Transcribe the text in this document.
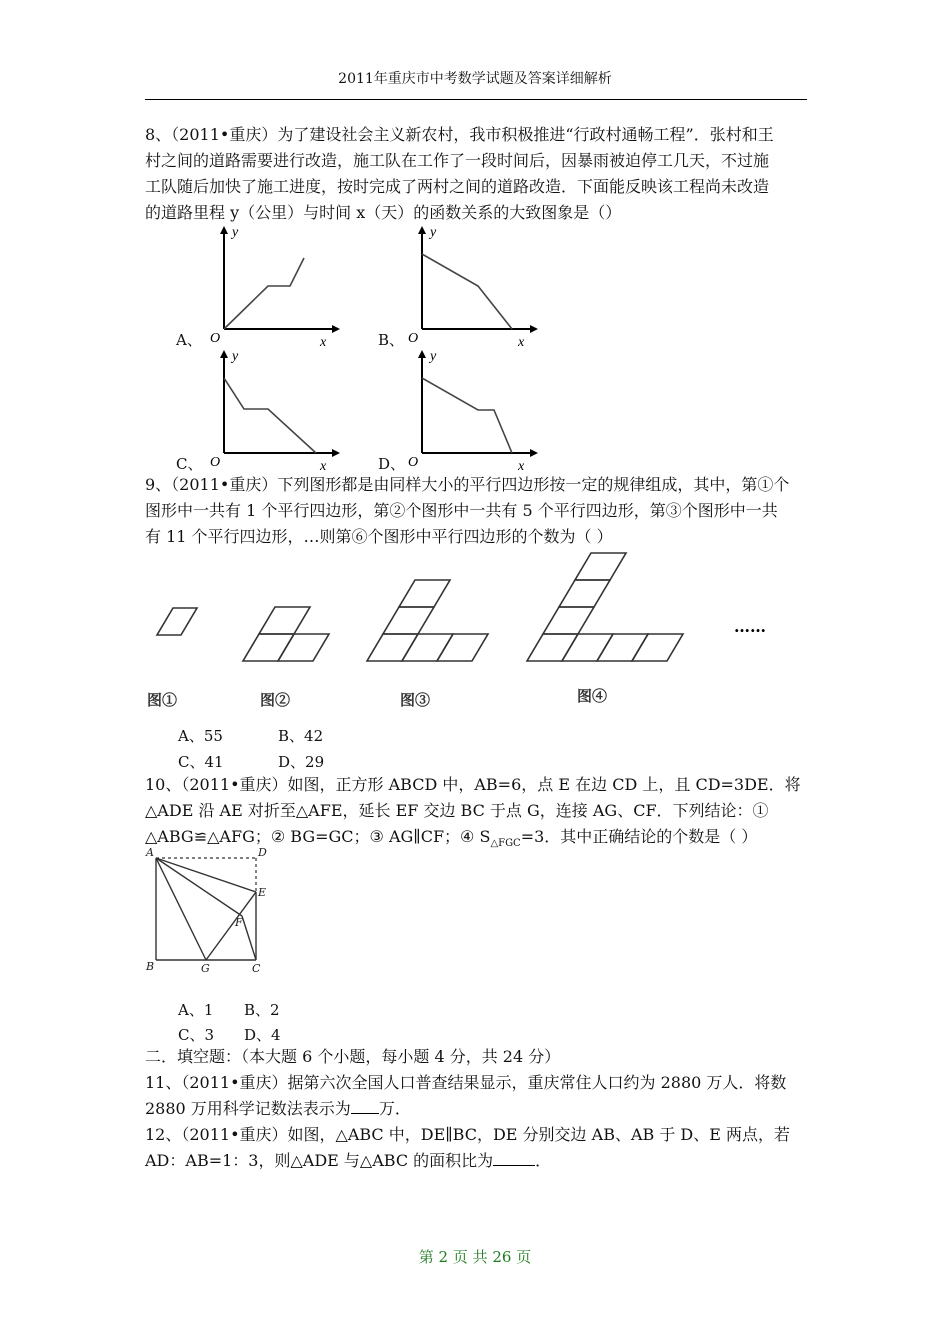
2011年重庆市中考数学试题及答案详细解析
8、（2011•重庆）为了建设社会主义新农村，我市积极推进“行政村通畅工程”．张村和王
村之间的道路需要进行改造，施工队在工作了一段时间后，因暴雨被迫停工几天，不过施
工队随后加快了施工进度，按时完成了两村之间的道路改造．下面能反映该工程尚未改造
的道路里程 y（公里）与时间 x（天）的函数关系的大致图象是（）
A、 O	x
y
B、 O	x
y
C、 O	x
y
D、 O	x
y
9、（2011•重庆）下列图形都是由同样大小的平行四边形按一定的规律组成，其中，第①个
图形中一共有 1 个平行四边形，第②个图形中一共有 5 个平行四边形，第③个图形中一共
有 11 个平行四边形，…则第⑥个图形中平行四边形的个数为（ ）
……
图①	图②	图③	图④
A、55	B、42
C、41	D、29
10、（2011•重庆）如图，正方形 ABCD 中，AB=6，点 E 在边 CD 上，且 CD=3DE．将
△ADE 沿 AE 对折至△AFE，延长 EF 交边 BC 于点 G，连接 AG、CF．下列结论：①
△ABG≌△AFG；② BG=GC；③ AG∥CF；④ $S_{\triangle FGC}=3$．其中正确结论的个数是（ ）
A	D
E
F
B	G	C
A、1 B、2
C、3 D、4
二．填空题：（本大题 6 个小题，每小题 4 分，共 24 分）
11、（2011•重庆）据第六次全国人口普查结果显示，重庆常住人口约为 2880 万人．将数
2880 万用科学记数法表示为 万．
12、（2011•重庆）如图，△ABC 中，DE∥BC，DE 分别交边 AB、AB 于 D、E 两点，若
AD：AB=1：3，则△ADE 与△ABC 的面积比为	．
第 2 页 共 26 页
